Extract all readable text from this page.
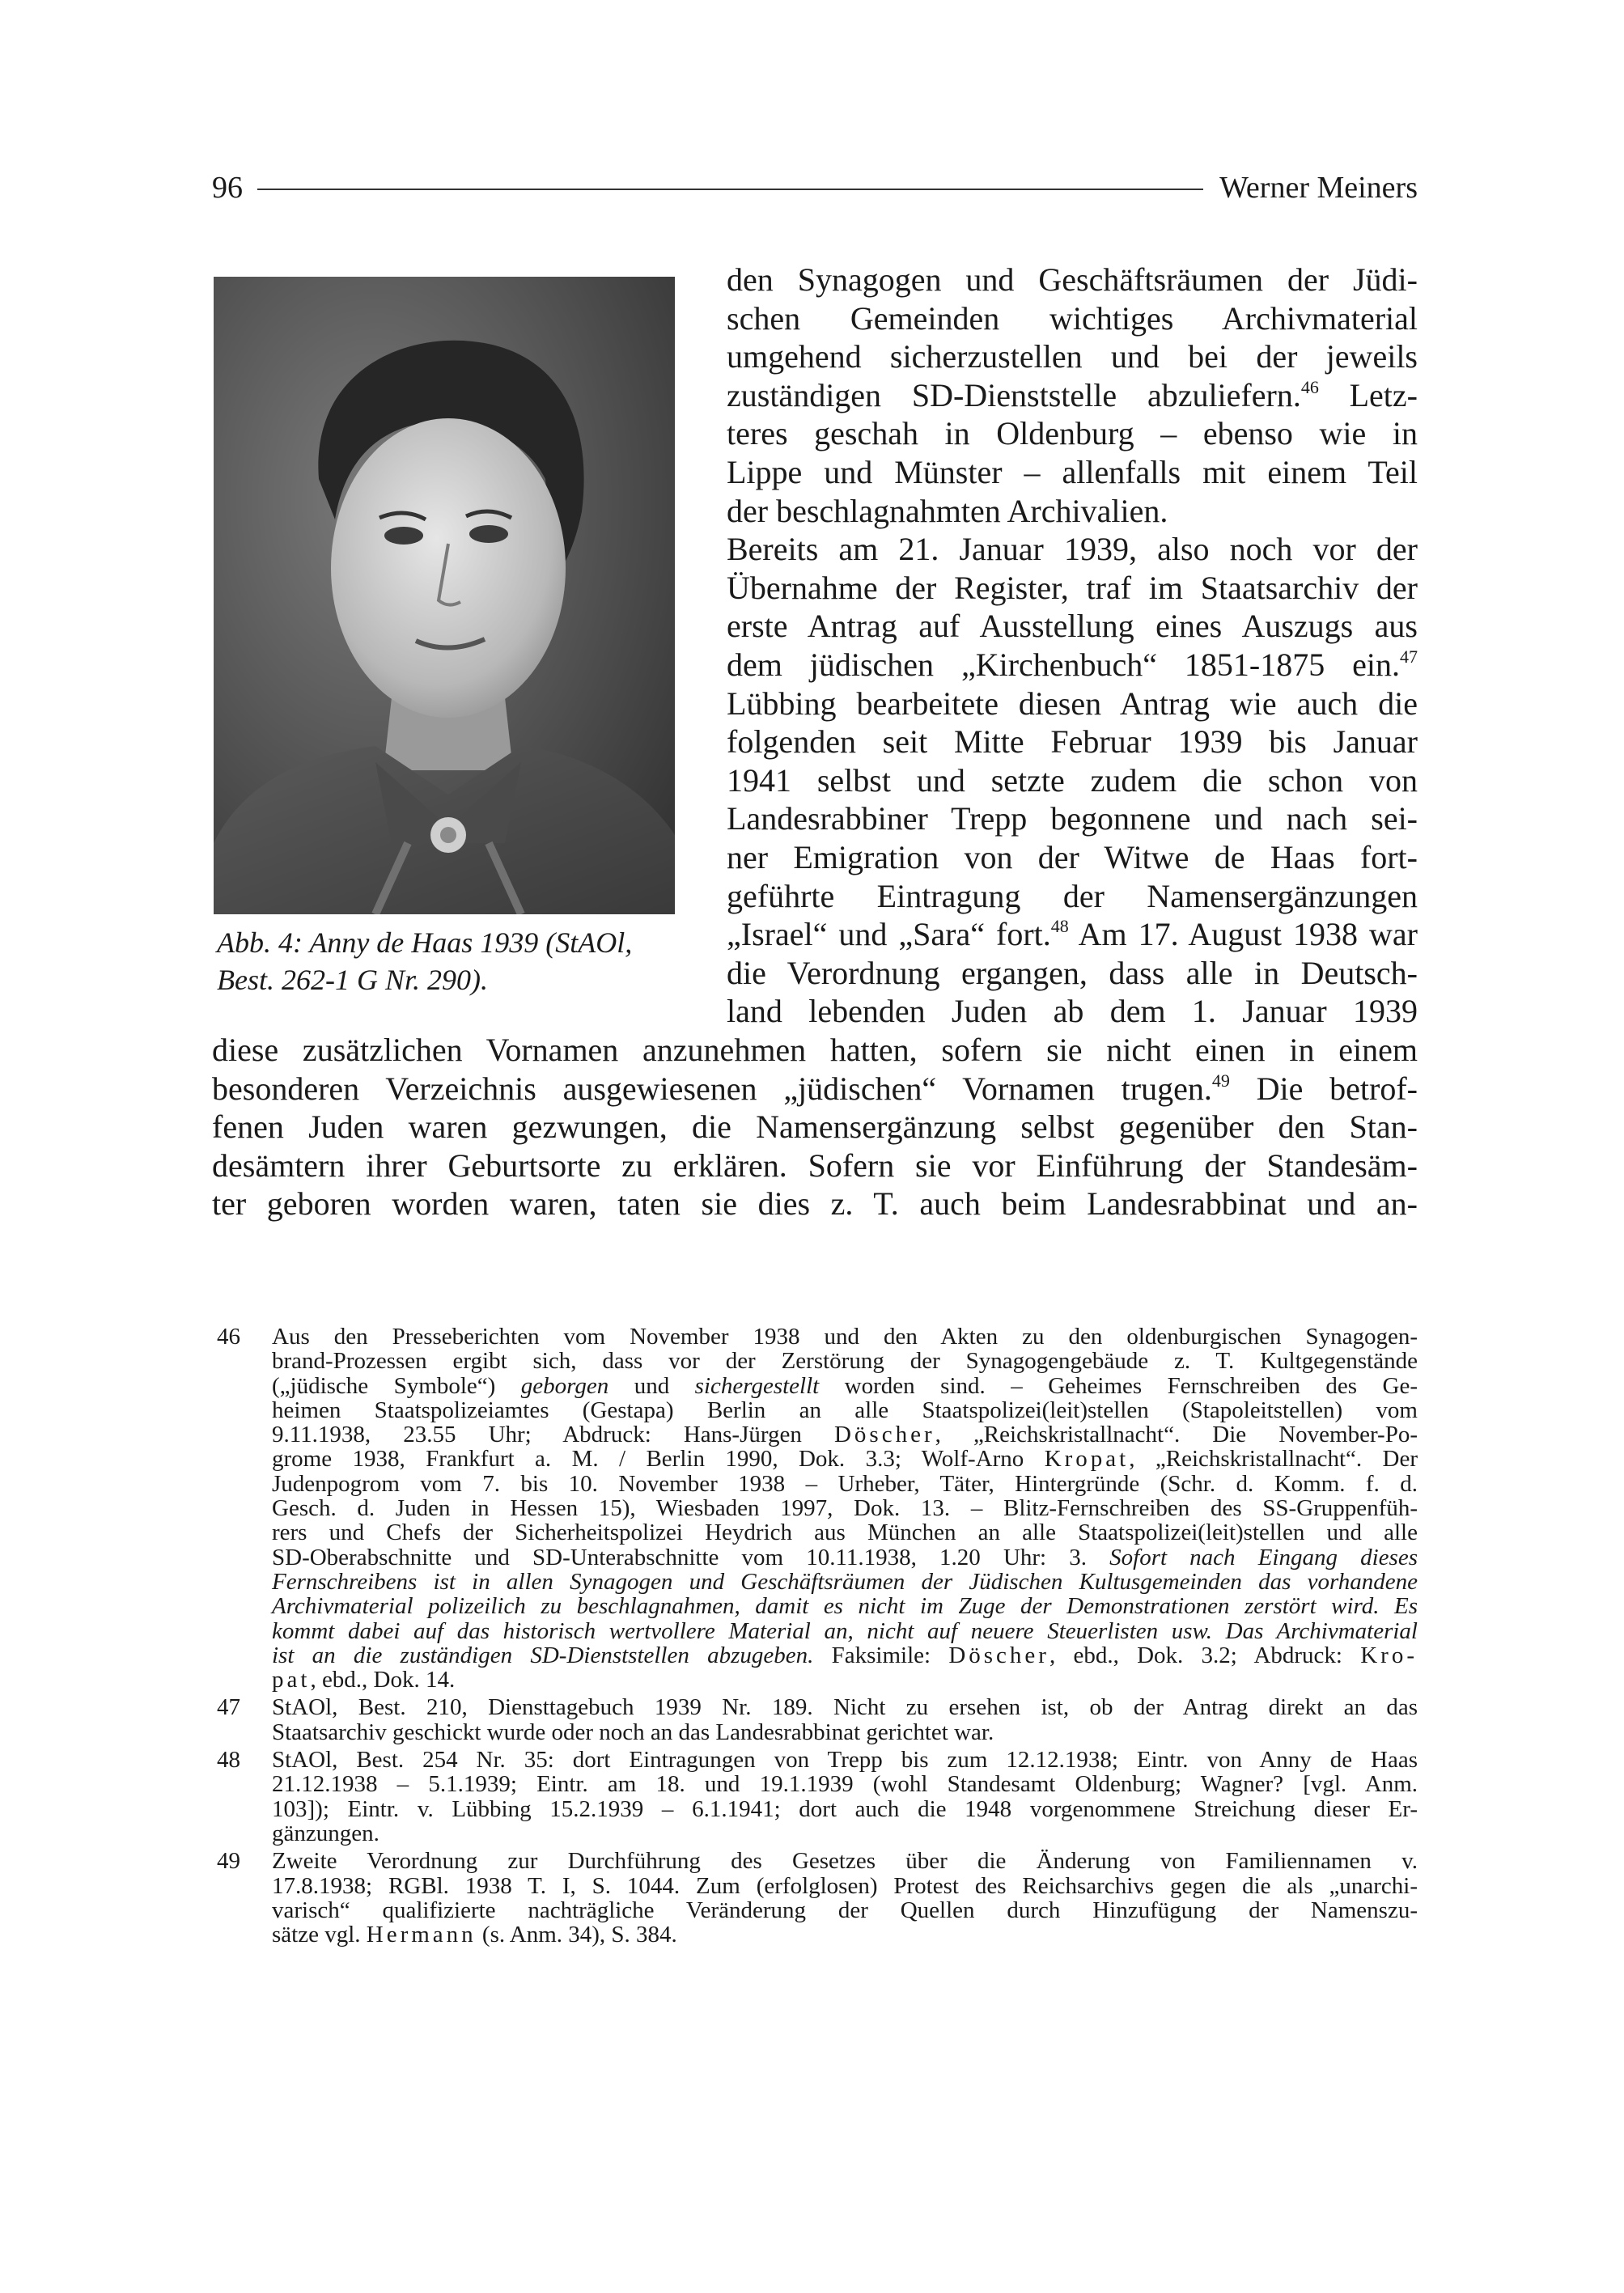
96	Werner Meiners
Abb. 4: Anny de Haas 1939 (StAOl,
Best. 262-1 G Nr. 290).
den Synagogen und Geschäftsräumen der Jüdi-
schen Gemeinden wichtiges Archivmaterial
umgehend sicherzustellen und bei der jeweils
zuständigen SD-Dienststelle abzuliefern.$^{46}$ Letz-
teres geschah in Oldenburg – ebenso wie in
Lippe und Münster – allenfalls mit einem Teil
der beschlagnahmten Archivalien.
Bereits am 21. Januar 1939, also noch vor der
Übernahme der Register, traf im Staatsarchiv der
erste Antrag auf Ausstellung eines Auszugs aus
dem jüdischen „Kirchenbuch“ 1851-1875 ein.$^{47}$
Lübbing bearbeitete diesen Antrag wie auch die
folgenden seit Mitte Februar 1939 bis Januar
1941 selbst und setzte zudem die schon von
Landesrabbiner Trepp begonnene und nach sei-
ner Emigration von der Witwe de Haas fort-
geführte Eintragung der Namensergänzungen
„Israel“ und „Sara“ fort.$^{48}$ Am 17. August 1938 war
die Verordnung ergangen, dass alle in Deutsch-
land lebenden Juden ab dem 1. Januar 1939
diese zusätzlichen Vornamen anzunehmen hatten, sofern sie nicht einen in einem
besonderen Verzeichnis ausgewiesenen „jüdischen“ Vornamen trugen.$^{49}$ Die betrof-
fenen Juden waren gezwungen, die Namensergänzung selbst gegenüber den Stan-
desämtern ihrer Geburtsorte zu erklären. Sofern sie vor Einführung der Standesäm-
ter geboren worden waren, taten sie dies z. T. auch beim Landesrabbinat und an-
46 Aus den Presseberichten vom November 1938 und den Akten zu den oldenburgischen Synagogen-
brand-Prozessen ergibt sich, dass vor der Zerstörung der Synagogengebäude z. T. Kultgegenstände
(„jüdische Symbole“) geborgen und sichergestellt worden sind. – Geheimes Fernschreiben des Ge-
heimen Staatspolizeiamtes (Gestapa) Berlin an alle Staatspolizei(leit)stellen (Stapoleitstellen) vom
9.11.1938, 23.55 Uhr; Abdruck: Hans-Jürgen Döscher, „Reichskristallnacht“. Die November-Po-
grome 1938, Frankfurt a. M. / Berlin 1990, Dok. 3.3; Wolf-Arno Kropat, „Reichskristallnacht“. Der
Judenpogrom vom 7. bis 10. November 1938 – Urheber, Täter, Hintergründe (Schr. d. Komm. f. d.
Gesch. d. Juden in Hessen 15), Wiesbaden 1997, Dok. 13. – Blitz-Fernschreiben des SS-Gruppenfüh-
rers und Chefs der Sicherheitspolizei Heydrich aus München an alle Staatspolizei(leit)stellen und alle
SD-Oberabschnitte und SD-Unterabschnitte vom 10.11.1938, 1.20 Uhr: 3. Sofort nach Eingang dieses
Fernschreibens ist in allen Synagogen und Geschäftsräumen der Jüdischen Kultusgemeinden das vorhandene
Archivmaterial polizeilich zu beschlagnahmen, damit es nicht im Zuge der Demonstrationen zerstört wird. Es
kommt dabei auf das historisch wertvollere Material an, nicht auf neuere Steuerlisten usw. Das Archivmaterial
ist an die zuständigen SD-Dienststellen abzugeben. Faksimile: Döscher, ebd., Dok. 3.2; Abdruck: Kro-
pat, ebd., Dok. 14.
47 StAOl, Best. 210, Diensttagebuch 1939 Nr. 189. Nicht zu ersehen ist, ob der Antrag direkt an das
Staatsarchiv geschickt wurde oder noch an das Landesrabbinat gerichtet war.
48 StAOl, Best. 254 Nr. 35: dort Eintragungen von Trepp bis zum 12.12.1938; Eintr. von Anny de Haas
21.12.1938 – 5.1.1939; Eintr. am 18. und 19.1.1939 (wohl Standesamt Oldenburg; Wagner? [vgl. Anm.
103]); Eintr. v. Lübbing 15.2.1939 – 6.1.1941; dort auch die 1948 vorgenommene Streichung dieser Er-
gänzungen.
49 Zweite Verordnung zur Durchführung des Gesetzes über die Änderung von Familiennamen v.
17.8.1938; RGBl. 1938 T. I, S. 1044. Zum (erfolglosen) Protest des Reichsarchivs gegen die als „unarchi-
varisch“ qualifizierte nachträgliche Veränderung der Quellen durch Hinzufügung der Namenszu-
sätze vgl. Hermann (s. Anm. 34), S. 384.
